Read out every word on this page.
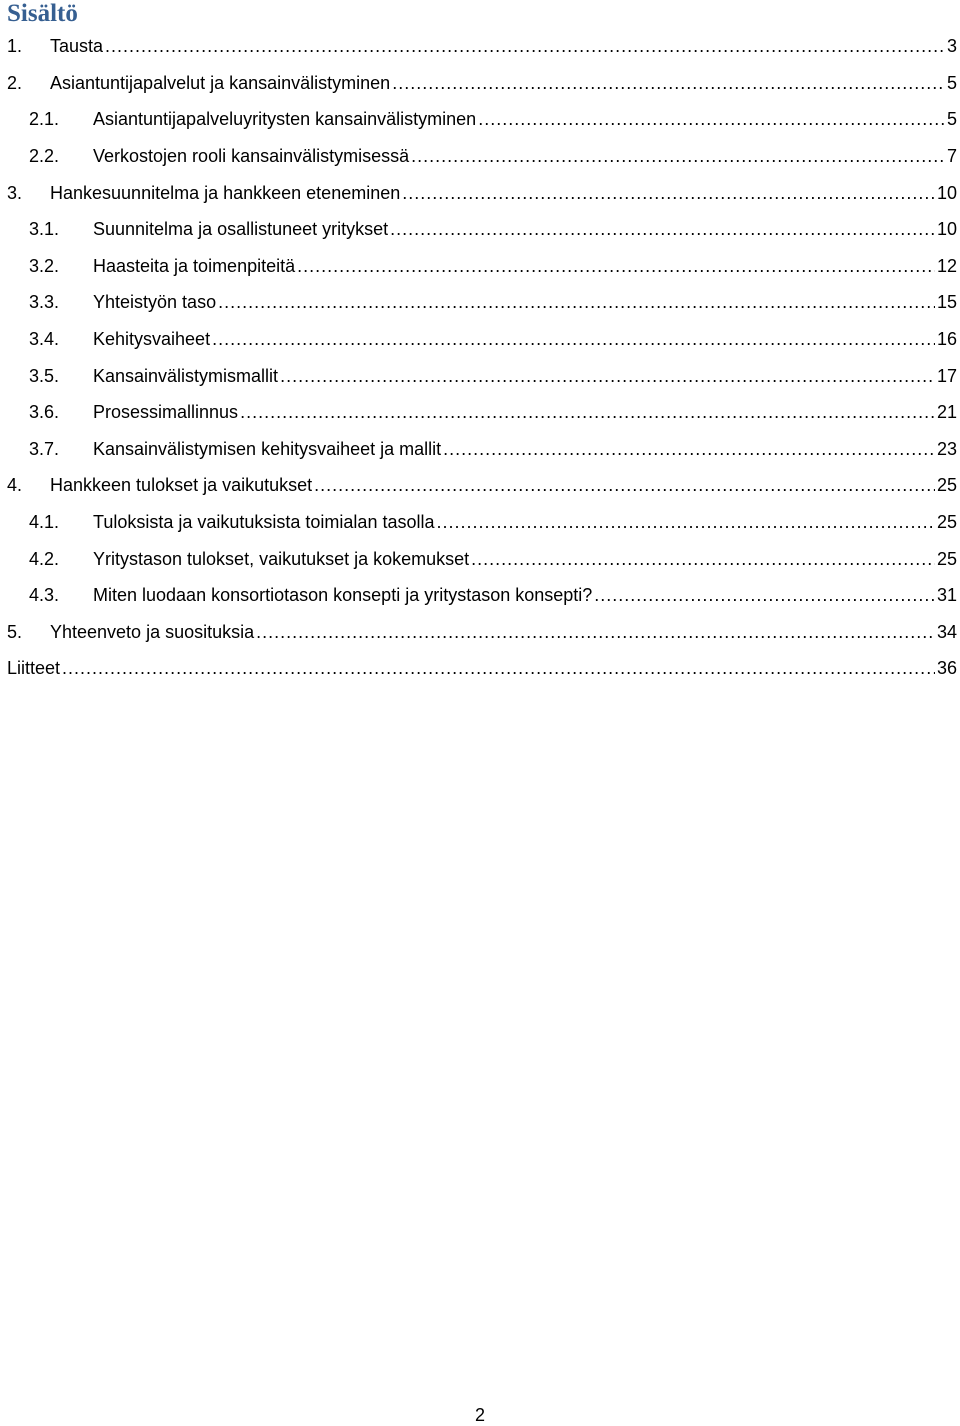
Sisältö
1. Tausta .....	3
2. Asiantuntijapalvelut ja kansainvälistyminen .....	5
2.1. Asiantuntijapalveluyritysten kansainvälistyminen .....	5
2.2. Verkostojen rooli kansainvälistymisessä .....	7
3. Hankesuunnitelma ja hankkeen eteneminen .....	10
3.1. Suunnitelma ja osallistuneet yritykset .....	10
3.2. Haasteita ja toimenpiteitä .....	12
3.3. Yhteistyön taso .....	15
3.4. Kehitysvaiheet .....	16
3.5. Kansainvälistymismallit .....	17
3.6. Prosessimallinnus .....	21
3.7. Kansainvälistymisen kehitysvaiheet ja mallit .....	23
4. Hankkeen tulokset ja vaikutukset .....	25
4.1. Tuloksista ja vaikutuksista toimialan tasolla .....	25
4.2. Yritystason tulokset, vaikutukset ja kokemukset .....	25
4.3. Miten luodaan konsortiotason konsepti ja yritystason konsepti? .....	31
5. Yhteenveto ja suosituksia .....	34
Liitteet .....	36
2
